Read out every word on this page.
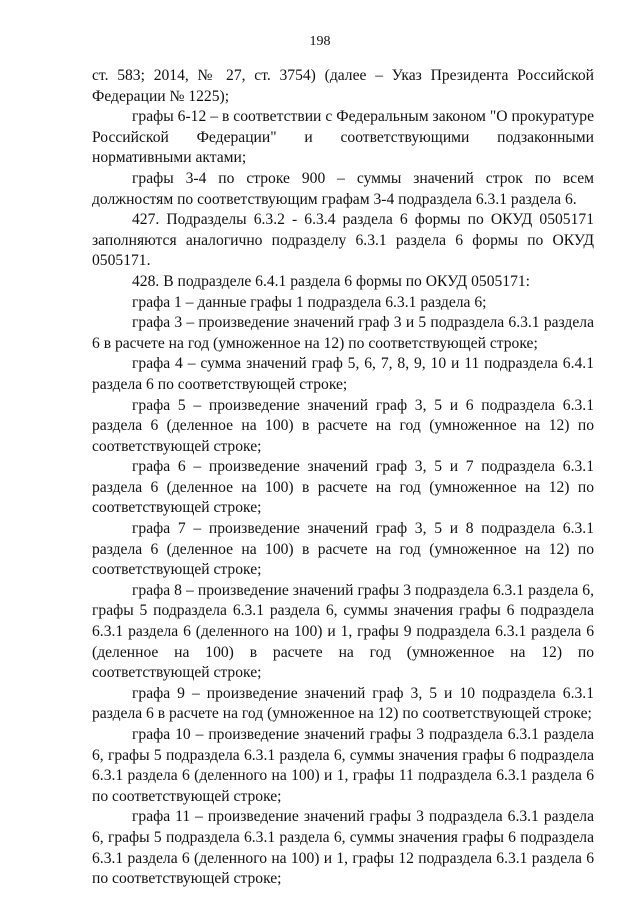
198

ст. 583; 2014, № 27, ст. 3754) (далее – Указ Президента Российской Федерации № 1225);

графы 6-12 – в соответствии с Федеральным законом "О прокуратуре Российской Федерации" и соответствующими подзаконными нормативными актами;

графы 3-4 по строке 900 – суммы значений строк по всем должностям по соответствующим графам 3-4 подраздела 6.3.1 раздела 6.

427. Подразделы 6.3.2 - 6.3.4 раздела 6 формы по ОКУД 0505171 заполняются аналогично подразделу 6.3.1 раздела 6 формы по ОКУД 0505171.

428. В подразделе 6.4.1 раздела 6 формы по ОКУД 0505171:

графа 1 – данные графы 1 подраздела 6.3.1 раздела 6;

графа 3 – произведение значений граф 3 и 5 подраздела 6.3.1 раздела 6 в расчете на год (умноженное на 12) по соответствующей строке;

графа 4 – сумма значений граф 5, 6, 7, 8, 9, 10 и 11 подраздела 6.4.1 раздела 6 по соответствующей строке;

графа 5 – произведение значений граф 3, 5 и 6 подраздела 6.3.1 раздела 6 (деленное на 100) в расчете на год (умноженное на 12) по соответствующей строке;

графа 6 – произведение значений граф 3, 5 и 7 подраздела 6.3.1 раздела 6 (деленное на 100) в расчете на год (умноженное на 12) по соответствующей строке;

графа 7 – произведение значений граф 3, 5 и 8 подраздела 6.3.1 раздела 6 (деленное на 100) в расчете на год (умноженное на 12) по соответствующей строке;

графа 8 – произведение значений графы 3 подраздела 6.3.1 раздела 6, графы 5 подраздела 6.3.1 раздела 6, суммы значения графы 6 подраздела 6.3.1 раздела 6 (деленного на 100) и 1, графы 9 подраздела 6.3.1 раздела 6 (деленное на 100) в расчете на год (умноженное на 12) по соответствующей строке;

графа 9 – произведение значений граф 3, 5 и 10 подраздела 6.3.1 раздела 6 в расчете на год (умноженное на 12) по соответствующей строке;

графа 10 – произведение значений графы 3 подраздела 6.3.1 раздела 6, графы 5 подраздела 6.3.1 раздела 6, суммы значения графы 6 подраздела 6.3.1 раздела 6 (деленного на 100) и 1, графы 11 подраздела 6.3.1 раздела 6 по соответствующей строке;

графа 11 – произведение значений графы 3 подраздела 6.3.1 раздела 6, графы 5 подраздела 6.3.1 раздела 6, суммы значения графы 6 подраздела 6.3.1 раздела 6 (деленного на 100) и 1, графы 12 подраздела 6.3.1 раздела 6 по соответствующей строке;
